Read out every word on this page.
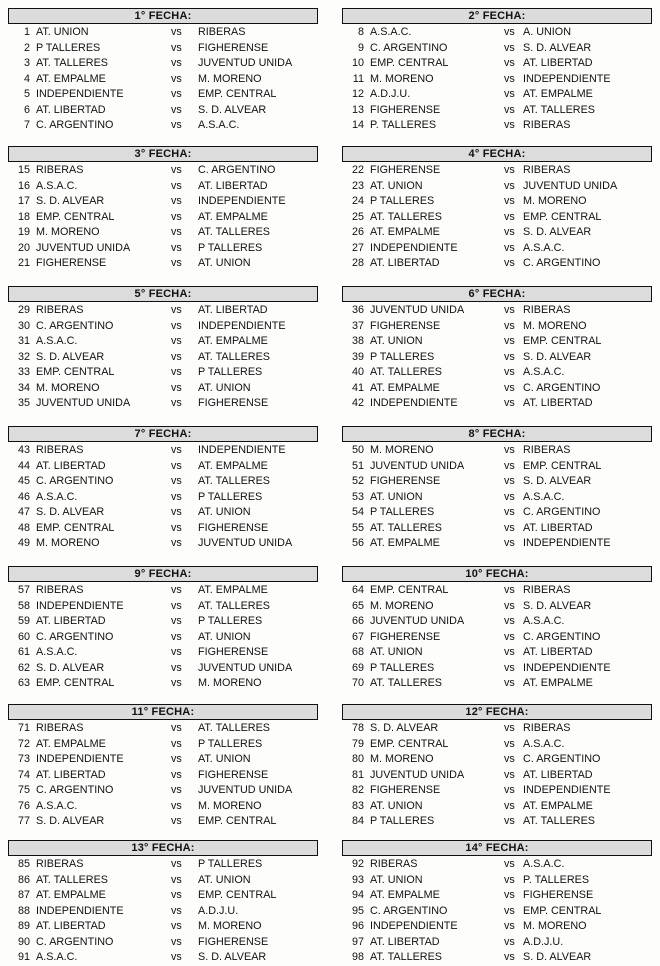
1° FECHA:
1 AT. UNION	vs RIBERAS
2 P TALLERES	vs FIGHERENSE
3 AT. TALLERES	vs JUVENTUD UNIDA
4 AT. EMPALME	vs M. MORENO
5 INDEPENDIENTE	vs EMP. CENTRAL
6 AT. LIBERTAD	vs S. D. ALVEAR
7 C. ARGENTINO	vs A.S.A.C.
2° FECHA:
8 A.S.A.C.	vs A. UNION
9 C. ARGENTINO	vs S. D. ALVEAR
10 EMP. CENTRAL	vs AT. LIBERTAD
11 M. MORENO	vs INDEPENDIENTE
12 A.D.J.U.	vs AT. EMPALME
13 FIGHERENSE	vs AT. TALLERES
14 P. TALLERES	vs RIBERAS
3° FECHA:
15 RIBERAS	vs C. ARGENTINO
16 A.S.A.C.	vs AT. LIBERTAD
17 S. D. ALVEAR	vs INDEPENDIENTE
18 EMP. CENTRAL	vs AT. EMPALME
19 M. MORENO	vs AT. TALLERES
20 JUVENTUD UNIDA	vs P TALLERES
21 FIGHERENSE	vs AT. UNION
4° FECHA:
22 FIGHERENSE	vs RIBERAS
23 AT. UNION	vs JUVENTUD UNIDA
24 P TALLERES	vs M. MORENO
25 AT. TALLERES	vs EMP. CENTRAL
26 AT. EMPALME	vs S. D. ALVEAR
27 INDEPENDIENTE	vs A.S.A.C.
28 AT. LIBERTAD	vs C. ARGENTINO
5° FECHA:
29 RIBERAS	vs AT. LIBERTAD
30 C. ARGENTINO	vs INDEPENDIENTE
31 A.S.A.C.	vs AT. EMPALME
32 S. D. ALVEAR	vs AT. TALLERES
33 EMP. CENTRAL	vs P TALLERES
34 M. MORENO	vs AT. UNION
35 JUVENTUD UNIDA	vs FIGHERENSE
6° FECHA:
36 JUVENTUD UNIDA	vs RIBERAS
37 FIGHERENSE	vs M. MORENO
38 AT. UNION	vs EMP. CENTRAL
39 P TALLERES	vs S. D. ALVEAR
40 AT. TALLERES	vs A.S.A.C.
41 AT. EMPALME	vs C. ARGENTINO
42 INDEPENDIENTE	vs AT. LIBERTAD
7° FECHA:
43 RIBERAS	vs INDEPENDIENTE
44 AT. LIBERTAD	vs AT. EMPALME
45 C. ARGENTINO	vs AT. TALLERES
46 A.S.A.C.	vs P TALLERES
47 S. D. ALVEAR	vs AT. UNION
48 EMP. CENTRAL	vs FIGHERENSE
49 M. MORENO	vs JUVENTUD UNIDA
8° FECHA:
50 M. MORENO	vs RIBERAS
51 JUVENTUD UNIDA	vs EMP. CENTRAL
52 FIGHERENSE	vs S. D. ALVEAR
53 AT. UNION	vs A.S.A.C.
54 P TALLERES	vs C. ARGENTINO
55 AT. TALLERES	vs AT. LIBERTAD
56 AT. EMPALME	vs INDEPENDIENTE
9° FECHA:
57 RIBERAS	vs AT. EMPALME
58 INDEPENDIENTE	vs AT. TALLERES
59 AT. LIBERTAD	vs P TALLERES
60 C. ARGENTINO	vs AT. UNION
61 A.S.A.C.	vs FIGHERENSE
62 S. D. ALVEAR	vs JUVENTUD UNIDA
63 EMP. CENTRAL	vs M. MORENO
10° FECHA:
64 EMP. CENTRAL	vs RIBERAS
65 M. MORENO	vs S. D. ALVEAR
66 JUVENTUD UNIDA	vs A.S.A.C.
67 FIGHERENSE	vs C. ARGENTINO
68 AT. UNION	vs AT. LIBERTAD
69 P TALLERES	vs INDEPENDIENTE
70 AT. TALLERES	vs AT. EMPALME
11° FECHA:
71 RIBERAS	vs AT. TALLERES
72 AT. EMPALME	vs P TALLERES
73 INDEPENDIENTE	vs AT. UNION
74 AT. LIBERTAD	vs FIGHERENSE
75 C. ARGENTINO	vs JUVENTUD UNIDA
76 A.S.A.C.	vs M. MORENO
77 S. D. ALVEAR	vs EMP. CENTRAL
12° FECHA:
78 S. D. ALVEAR	vs RIBERAS
79 EMP. CENTRAL	vs A.S.A.C.
80 M. MORENO	vs C. ARGENTINO
81 JUVENTUD UNIDA	vs AT. LIBERTAD
82 FIGHERENSE	vs INDEPENDIENTE
83 AT. UNION	vs AT. EMPALME
84 P TALLERES	vs AT. TALLERES
13° FECHA:
85 RIBERAS	vs P TALLERES
86 AT. TALLERES	vs AT. UNION
87 AT. EMPALME	vs EMP. CENTRAL
88 INDEPENDIENTE	vs A.D.J.U.
89 AT. LIBERTAD	vs M. MORENO
90 C. ARGENTINO	vs FIGHERENSE
91 A.S.A.C.	vs S. D. ALVEAR
14° FECHA:
92 RIBERAS	vs A.S.A.C.
93 AT. UNION	vs P. TALLERES
94 AT. EMPALME	vs FIGHERENSE
95 C. ARGENTINO	vs EMP. CENTRAL
96 INDEPENDIENTE	vs M. MORENO
97 AT. LIBERTAD	vs A.D.J.U.
98 AT. TALLERES	vs S. D. ALVEAR
